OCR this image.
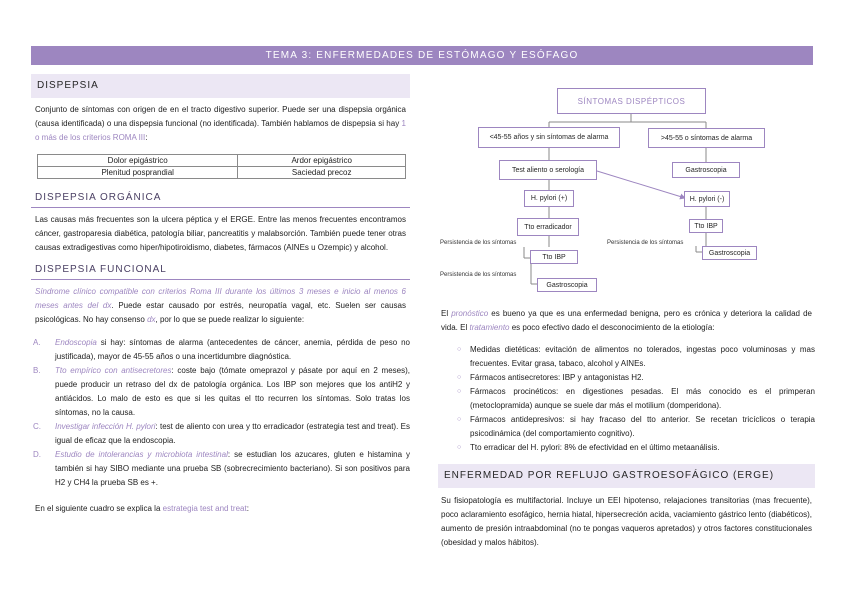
TEMA 3: ENFERMEDADES DE ESTÓMAGO Y ESÓFAGO
DISPEPSIA

Conjunto de síntomas con origen de en el tracto digestivo superior. Puede ser una dispepsia orgánica (causa identificada) o una dispepsia funcional (no identificada). También hablamos de dispepsia si hay 1 o más de los criterios ROMA III:

Dolor epigástrico	Ardor epigástrico
Plenitud posprandial	Saciedad precoz
DISPEPSIA ORGÁNICA

Las causas más frecuentes son la ulcera péptica y el ERGE. Entre las menos frecuentes encontramos cáncer, gastroparesia diabética, patología biliar, pancreatitis y malabsorción. También puede tener otras causas extradigestivas como hiper/hipotiroidismo, diabetes, fármacos (AINEs u Ozempic) y alcohol.

DISPEPSIA FUNCIONAL

Síndrome clínico compatible con criterios Roma III durante los últimos 3 meses e inicio al menos 6 meses antes del dx. Puede estar causado por estrés, neuropatía vagal, etc. Suelen ser causas psicológicas. No hay consenso dx, por lo que se puede realizar lo siguiente:

A. Endoscopia si hay: síntomas de alarma (antecedentes de cáncer, anemia, pérdida de peso no justificada), mayor de 45-55 años o una incertidumbre diagnóstica.
B. Tto empírico con antisecretores: coste bajo (tómate omeprazol y pásate por aquí en 2 meses), puede producir un retraso del dx de patología orgánica. Los IBP son mejores que los antiH2 y antiácidos. Lo malo de esto es que si les quitas el tto recurren los síntomas. Solo tratas los síntomas, no la causa.
C. Investigar infección H. pylori: test de aliento con urea y tto erradicador (estrategia test and treat). Es igual de eficaz que la endoscopia.
D. Estudio de intolerancias y microbiota intestinal: se estudian los azucares, gluten e histamina y también si hay SIBO mediante una prueba SB (sobrecrecimiento bacteriano). Si son positivos para H2 y CH4 la prueba SB es +.

En el siguiente cuadro se explica la estrategia test and treat:

SÍNTOMAS DISPÉPTICOS
<45-55 años y sin síntomas de alarma	>45-55 o síntomas de alarma
Test aliento o serología	Gastroscopia
H. pylori (+)	H. pylori (-)
Tto erradicador	Tto IBP
Tto IBP
Gastroscopia
Gastroscopia
Persistencia de los síntomas
Persistencia de los síntomas
Persistencia de los síntomas

El pronóstico es bueno ya que es una enfermedad benigna, pero es crónica y deteriora la calidad de vida. El tratamiento es poco efectivo dado el desconocimiento de la etiología:

○ Medidas dietéticas: evitación de alimentos no tolerados, ingestas poco voluminosas y mas frecuentes. Evitar grasa, tabaco, alcohol y AINEs.
○ Fármacos antisecretores: IBP y antagonistas H2.
○ Fármacos procinéticos: en digestiones pesadas. El más conocido es el primperan (metoclopramida) aunque se suele dar más el motilium (domperidona).
○ Fármacos antidepresivos: si hay fracaso del tto anterior. Se recetan tricíclicos o terapia psicodinámica (del comportamiento cognitivo).
○ Tto erradicar del H. pylori: 8% de efectividad en el último metaanálisis.
ENFERMEDAD POR REFLUJO GASTROESOFÁGICO (ERGE)

Su fisiopatología es multifactorial. Incluye un EEI hipotenso, relajaciones transitorias (mas frecuente), poco aclaramiento esofágico, hernia hiatal, hipersecreción acida, vaciamiento gástrico lento (diabéticos), aumento de presión intraabdominal (no te pongas vaqueros apretados) y otros factores constitucionales (obesidad y malos hábitos).
